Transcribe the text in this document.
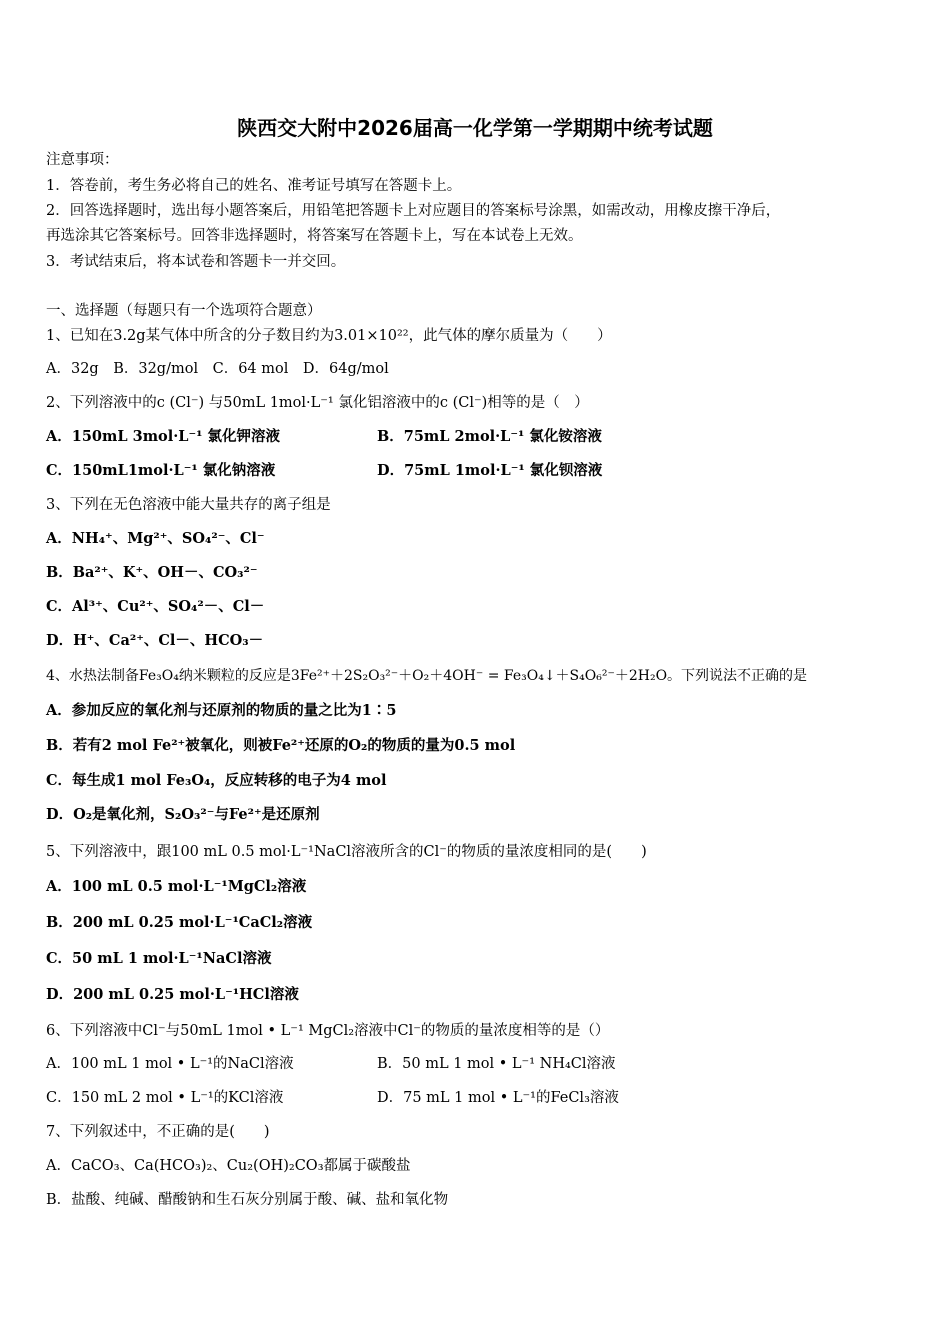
陕西交大附中2026届高一化学第一学期期中统考试题
注意事项：
1．答卷前，考生务必将自己的姓名、准考证号填写在答题卡上。
2．回答选择题时，选出每小题答案后，用铅笔把答题卡上对应题目的答案标号涂黑，如需改动，用橡皮擦干净后，
再选涂其它答案标号。回答非选择题时，将答案写在答题卡上，写在本试卷上无效。
3．考试结束后，将本试卷和答题卡一并交回。
一、选择题（每题只有一个选项符合题意）
1、已知在3.2g某气体中所含的分子数目约为3.01×10²²，此气体的摩尔质量为（　　）
A．32g　B．32g/mol　C．64 mol　D．64g/mol
2、下列溶液中的c (Cl⁻) 与50mL 1mol·L⁻¹ 氯化铝溶液中的c (Cl⁻)相等的是（　）
A．150mL 3mol·L⁻¹ 氯化钾溶液	B．75mL 2mol·L⁻¹ 氯化铵溶液
C．150mL1mol·L⁻¹ 氯化钠溶液	D．75mL 1mol·L⁻¹ 氯化钡溶液
3、下列在无色溶液中能大量共存的离子组是
A．NH₄⁺、Mg²⁺、SO₄²⁻、Cl⁻
B．Ba²⁺、K⁺、OH－、CO₃²⁻
C．Al³⁺、Cu²⁺、SO₄²－、Cl－
D．H⁺、Ca²⁺、Cl－、HCO₃－
4、水热法制备Fe₃O₄纳米颗粒的反应是3Fe²⁺＋2S₂O₃²⁻＋O₂＋4OH⁻ = Fe₃O₄↓＋S₄O₆²⁻＋2H₂O。下列说法不正确的是
A．参加反应的氧化剂与还原剂的物质的量之比为1∶5
B．若有2 mol Fe²⁺被氧化，则被Fe²⁺还原的O₂的物质的量为0.5 mol
C．每生成1 mol Fe₃O₄，反应转移的电子为4 mol
D．O₂是氧化剂，S₂O₃²⁻与Fe²⁺是还原剂
5、下列溶液中，跟100 mL 0.5 mol·L⁻¹NaCl溶液所含的Cl⁻的物质的量浓度相同的是(　　)
A．100 mL 0.5 mol·L⁻¹MgCl₂溶液
B．200 mL 0.25 mol·L⁻¹CaCl₂溶液
C．50 mL 1 mol·L⁻¹NaCl溶液
D．200 mL 0.25 mol·L⁻¹HCl溶液
6、下列溶液中Cl⁻与50mL 1mol • L⁻¹ MgCl₂溶液中Cl⁻的物质的量浓度相等的是（）
A．100 mL 1 mol • L⁻¹的NaCl溶液	B．50 mL 1 mol • L⁻¹ NH₄Cl溶液
C．150 mL 2 mol • L⁻¹的KCl溶液	D．75 mL 1 mol • L⁻¹的FeCl₃溶液
7、下列叙述中，不正确的是(　　)
A．CaCO₃、Ca(HCO₃)₂、Cu₂(OH)₂CO₃都属于碳酸盐
B．盐酸、纯碱、醋酸钠和生石灰分别属于酸、碱、盐和氧化物
